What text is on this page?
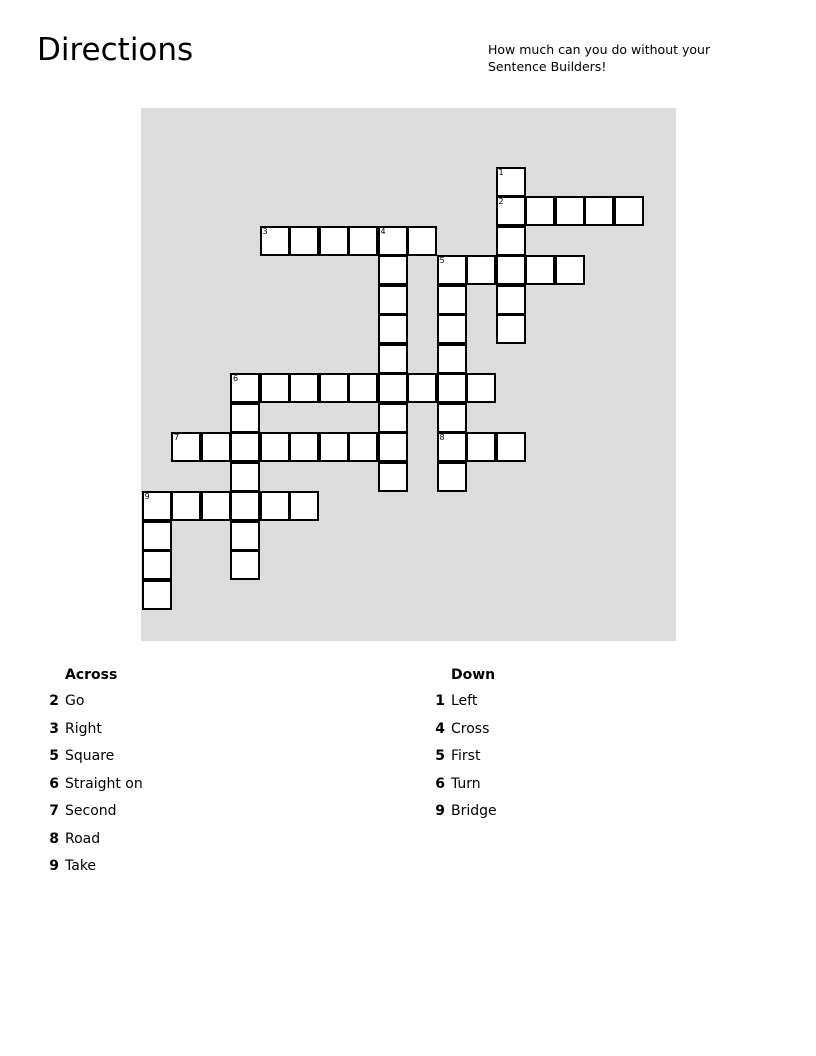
Directions	How much can you do without your Sentence Builders!
1
2
3	4
5
6
7	8
9
Across
2 Go
3 Right
5 Square
6 Straight on
7 Second
8 Road
9 Take
Down
1 Left
4 Cross
5 First
6 Turn
9 Bridge
